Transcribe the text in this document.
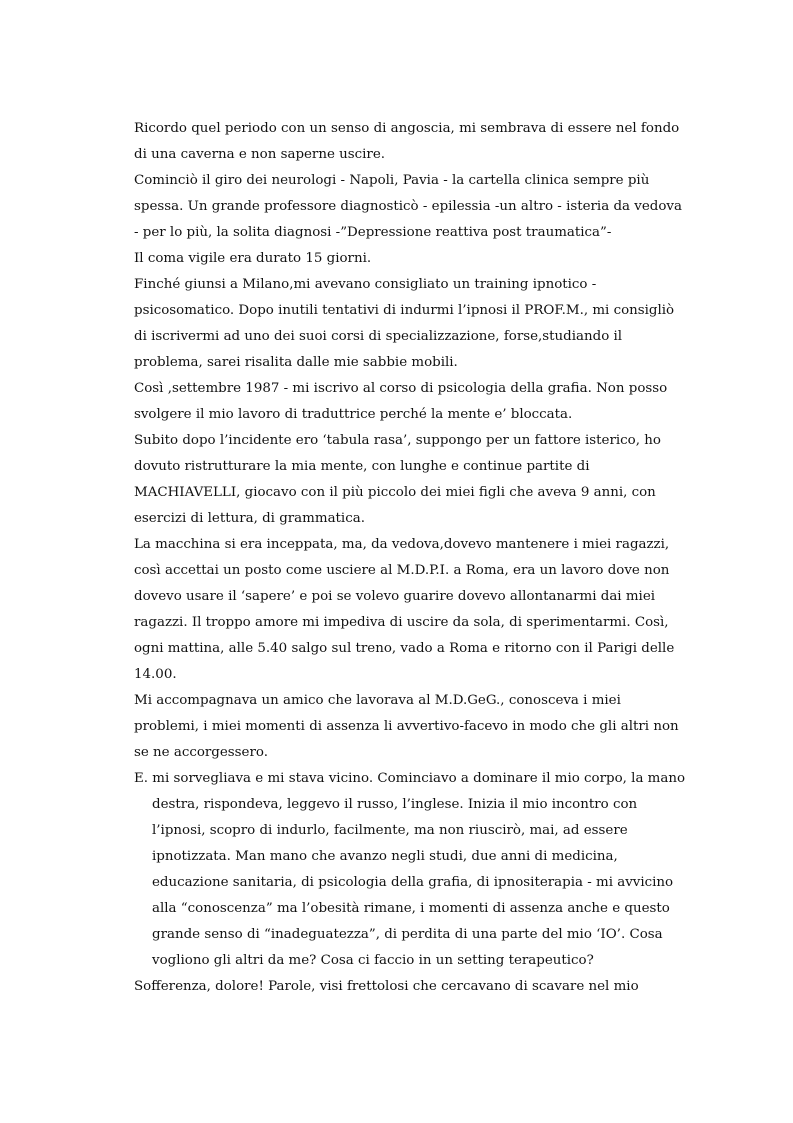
Ricordo quel periodo con un senso di angoscia, mi sembrava di essere nel fondo
di una caverna e non saperne uscire.
Cominciò il giro dei neurologi - Napoli, Pavia - la cartella clinica sempre più
spessa. Un grande professore diagnosticò - epilessia -un altro - isteria da vedova
- per lo più, la solita diagnosi -”Depressione reattiva post traumatica”-
Il coma vigile era durato 15 giorni.
Finché giunsi a Milano,mi avevano consigliato un training ipnotico -
psicosomatico. Dopo inutili tentativi di indurmi l’ipnosi il PROF.M., mi consigliò
di iscrivermi ad uno dei suoi corsi di specializzazione, forse,studiando il
problema, sarei risalita dalle mie sabbie mobili.
Così ,settembre 1987 - mi iscrivo al corso di psicologia della grafia. Non posso
svolgere il mio lavoro di traduttrice perché la mente e’ bloccata.
Subito dopo l’incidente ero ‘tabula rasa’, suppongo per un fattore isterico, ho
dovuto ristrutturare la mia mente, con lunghe e continue partite di
MACHIAVELLI, giocavo con il più piccolo dei miei figli che aveva 9 anni, con
esercizi di lettura, di grammatica.
La macchina si era inceppata, ma, da vedova,dovevo mantenere i miei ragazzi,
così accettai un posto come usciere al M.D.P.I. a Roma, era un lavoro dove non
dovevo usare il ‘sapere’ e poi se volevo guarire dovevo allontanarmi dai miei
ragazzi. Il troppo amore mi impediva di uscire da sola, di sperimentarmi. Così,
ogni mattina, alle 5.40 salgo sul treno, vado a Roma e ritorno con il Parigi delle
14.00.
Mi accompagnava un amico che lavorava al M.D.GeG., conosceva i miei
problemi, i miei momenti di assenza li avvertivo-facevo in modo che gli altri non
se ne accorgessero.
E. mi sorvegliava e mi stava vicino. Cominciavo a dominare il mio corpo, la mano
destra, rispondeva, leggevo il russo, l’inglese. Inizia il mio incontro con
l’ipnosi, scopro di indurlo, facilmente, ma non riuscirò, mai, ad essere
ipnotizzata. Man mano che avanzo negli studi, due anni di medicina,
educazione sanitaria, di psicologia della grafia, di ipnositerapia - mi avvicino
alla “conoscenza” ma l’obesità rimane, i momenti di assenza anche e questo
grande senso di “inadeguatezza”, di perdita di una parte del mio ‘IO’. Cosa
vogliono gli altri da me? Cosa ci faccio in un setting terapeutico?
Sofferenza, dolore! Parole, visi frettolosi che cercavano di scavare nel mio
